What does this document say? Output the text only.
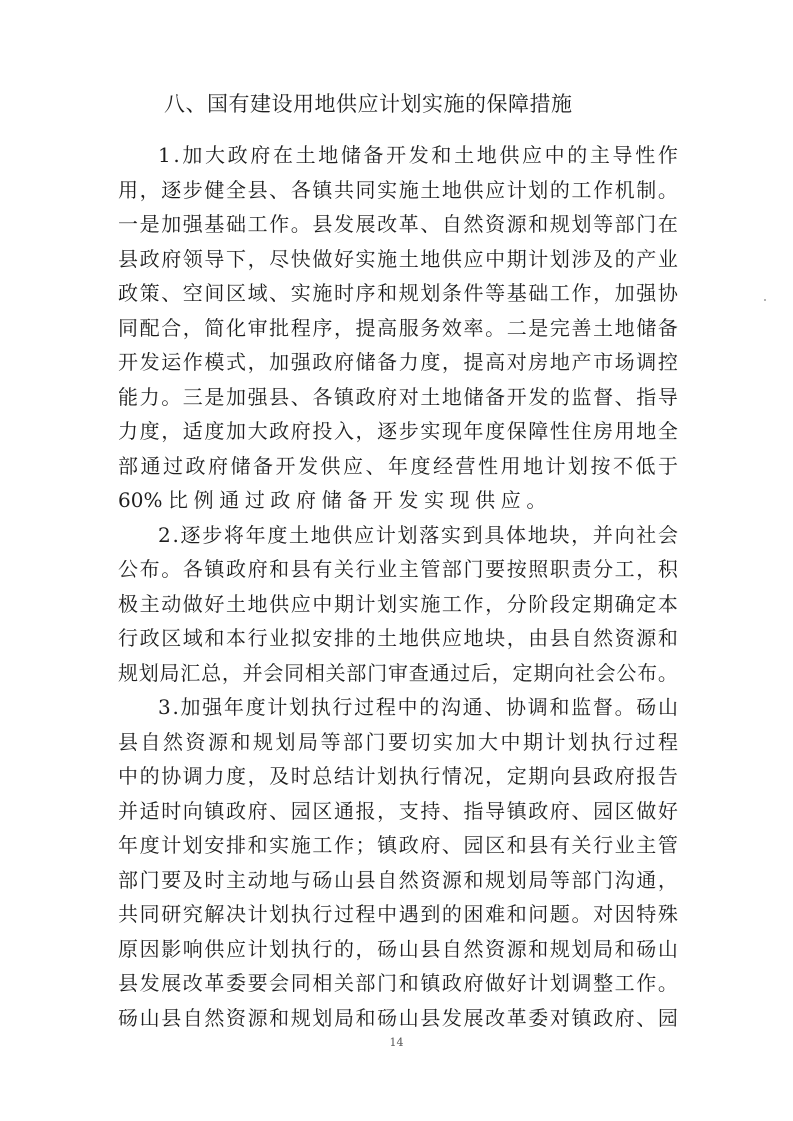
八、国有建设用地供应计划实施的保障措施
1 . 加 大 政 府 在 土 地 储 备 开 发 和 土 地 供 应 中 的 主 导 性 作
用 ， 逐 步 健 全 县 、 各 镇 共 同 实 施 土 地 供 应 计 划 的 工 作 机 制 。
一 是 加 强 基 础 工 作 。 县 发 展 改 革 、 自 然 资 源 和 规 划 等 部 门 在
县 政 府 领 导 下 ， 尽 快 做 好 实 施 土 地 供 应 中 期 计 划 涉 及 的 产 业
政 策 、 空 间 区 域 、 实 施 时 序 和 规 划 条 件 等 基 础 工 作 ， 加 强 协
同 配 合 ， 简 化 审 批 程 序 ， 提 高 服 务 效 率 。 二 是 完 善 土 地 储 备
开 发 运 作 模 式 ， 加 强 政 府 储 备 力 度 ， 提 高 对 房 地 产 市 场 调 控
能 力 。 三 是 加 强 县 、 各 镇 政 府 对 土 地 储 备 开 发 的 监 督 、 指 导
力 度 ， 适 度 加 大 政 府 投 入 ， 逐 步 实 现 年 度 保 障 性 住 房 用 地 全
部 通 过 政 府 储 备 开 发 供 应 、 年 度 经 营 性 用 地 计 划 按 不 低 于
60% 比 例 通 过 政 府 储 备 开 发 实 现 供 应 。
2 . 逐 步 将 年 度 土 地 供 应 计 划 落 实 到 具 体 地 块 ， 并 向 社 会
公 布 。 各 镇 政 府 和 县 有 关 行 业 主 管 部 门 要 按 照 职 责 分 工 ， 积
极 主 动 做 好 土 地 供 应 中 期 计 划 实 施 工 作 ， 分 阶 段 定 期 确 定 本
行 政 区 域 和 本 行 业 拟 安 排 的 土 地 供 应 地 块 ， 由 县 自 然 资 源 和
规 划 局 汇 总 ， 并 会 同 相 关 部 门 审 查 通 过 后 ， 定 期 向 社 会 公 布 。
3 . 加 强 年 度 计 划 执 行 过 程 中 的 沟 通 、 协 调 和 监 督 。 砀 山
县 自 然 资 源 和 规 划 局 等 部 门 要 切 实 加 大 中 期 计 划 执 行 过 程
中 的 协 调 力 度 ， 及 时 总 结 计 划 执 行 情 况 ， 定 期 向 县 政 府 报 告
并 适 时 向 镇 政 府 、 园 区 通 报 ， 支 持 、 指 导 镇 政 府 、 园 区 做 好
年 度 计 划 安 排 和 实 施 工 作 ； 镇 政 府 、 园 区 和 县 有 关 行 业 主 管
部 门 要 及 时 主 动 地 与 砀 山 县 自 然 资 源 和 规 划 局 等 部 门 沟 通 ，
共 同 研 究 解 决 计 划 执 行 过 程 中 遇 到 的 困 难 和 问 题 。 对 因 特 殊
原 因 影 响 供 应 计 划 执 行 的 ， 砀 山 县 自 然 资 源 和 规 划 局 和 砀 山
县 发 展 改 革 委 要 会 同 相 关 部 门 和 镇 政 府 做 好 计 划 调 整 工 作 。
砀 山 县 自 然 资 源 和 规 划 局 和 砀 山 县 发 展 改 革 委 对 镇 政 府 、 园
14
